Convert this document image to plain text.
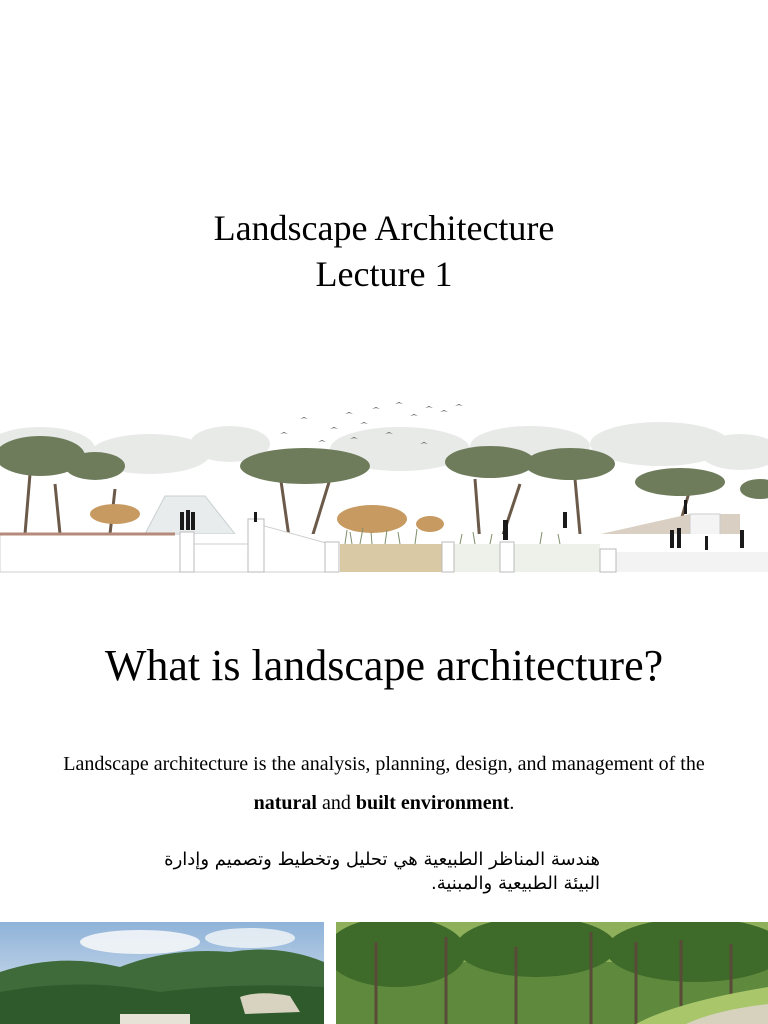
Landscape Architecture
Lecture 1
What is landscape architecture?
Landscape architecture is the analysis, planning, design, and management of the natural and built environment.
هندسة المناظر الطبيعية هي تحليل وتخطيط وتصميم وإدارة البيئة الطبيعية والمبنية.
